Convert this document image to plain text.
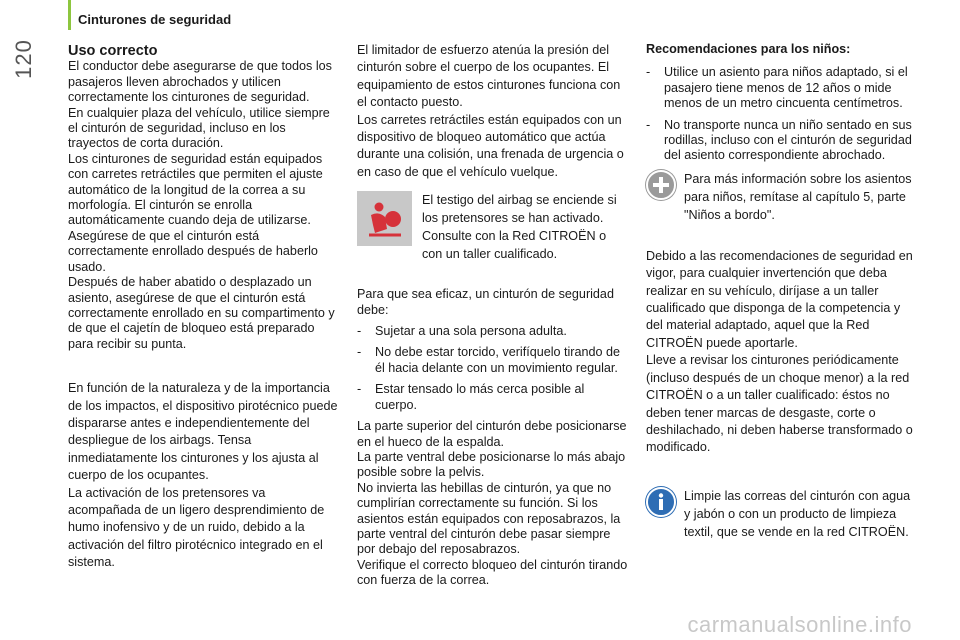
120
Cinturones de seguridad

Uso correcto

El conductor debe asegurarse de que todos los pasajeros lleven abrochados y utilicen correctamente los cinturones de seguridad.

En cualquier plaza del vehículo, utilice siempre el cinturón de seguridad, incluso en los trayectos de corta duración.

Los cinturones de seguridad están equipados con carretes retráctiles que permiten el ajuste automático de la longitud de la correa a su morfología. El cinturón se enrolla automáticamente cuando deja de utilizarse.

Asegúrese de que el cinturón está correctamente enrollado después de haberlo usado.

Después de haber abatido o desplazado un asiento, asegúrese de que el cinturón está correctamente enrollado en su compartimento y de que el cajetín de bloqueo está preparado para recibir su punta.

En función de la naturaleza y de la importancia de los impactos, el dispositivo pirotécnico puede dispararse antes e independientemente del despliegue de los airbags. Tensa inmediatamente los cinturones y los ajusta al cuerpo de los ocupantes.

La activación de los pretensores va acompañada de un ligero desprendimiento de humo inofensivo y de un ruido, debido a la activación del filtro pirotécnico integrado en el sistema.

El limitador de esfuerzo atenúa la presión del cinturón sobre el cuerpo de los ocupantes. El equipamiento de estos cinturones funciona con el contacto puesto.

Los carretes retráctiles están equipados con un dispositivo de bloqueo automático que actúa durante una colisión, una frenada de urgencia o en caso de que el vehículo vuelque.

El testigo del airbag se enciende si los pretensores se han activado. Consulte con la Red CITROËN o con un taller cualificado.

Para que sea eficaz, un cinturón de seguridad debe:

- Sujetar a una sola persona adulta.
- No debe estar torcido, verifíquelo tirando de él hacia delante con un movimiento regular.
- Estar tensado lo más cerca posible al cuerpo.

La parte superior del cinturón debe posicionarse en el hueco de la espalda.

La parte ventral debe posicionarse lo más abajo posible sobre la pelvis.

No invierta las hebillas de cinturón, ya que no cumplirían correctamente su función. Si los asientos están equipados con reposabrazos, la parte ventral del cinturón debe pasar siempre por debajo del reposabrazos.

Verifique el correcto bloqueo del cinturón tirando con fuerza de la correa.

Recomendaciones para los niños:

- Utilice un asiento para niños adaptado, si el pasajero tiene menos de 12 años o mide menos de un metro cincuenta centímetros.
- No transporte nunca un niño sentado en sus rodillas, incluso con el cinturón de seguridad del asiento correspondiente abrochado.
Para más información sobre los asientos para niños, remítase al capítulo 5, parte "Niños a bordo".

Debido a las recomendaciones de seguridad en vigor, para cualquier invertención que deba realizar en su vehículo, diríjase a un taller cualificado que disponga de la competencia y del material adaptado, aquel que la Red CITROËN puede aportarle.

Lleve a revisar los cinturones periódicamente (incluso después de un choque menor) a la red CITROËN o a un taller cualificado: éstos no deben tener marcas de desgaste, corte o deshilachado, ni deben haberse transformado o modificado.

Limpie las correas del cinturón con agua y jabón o con un producto de limpieza textil, que se vende en la red CITROËN.
carmanualsonline.info
